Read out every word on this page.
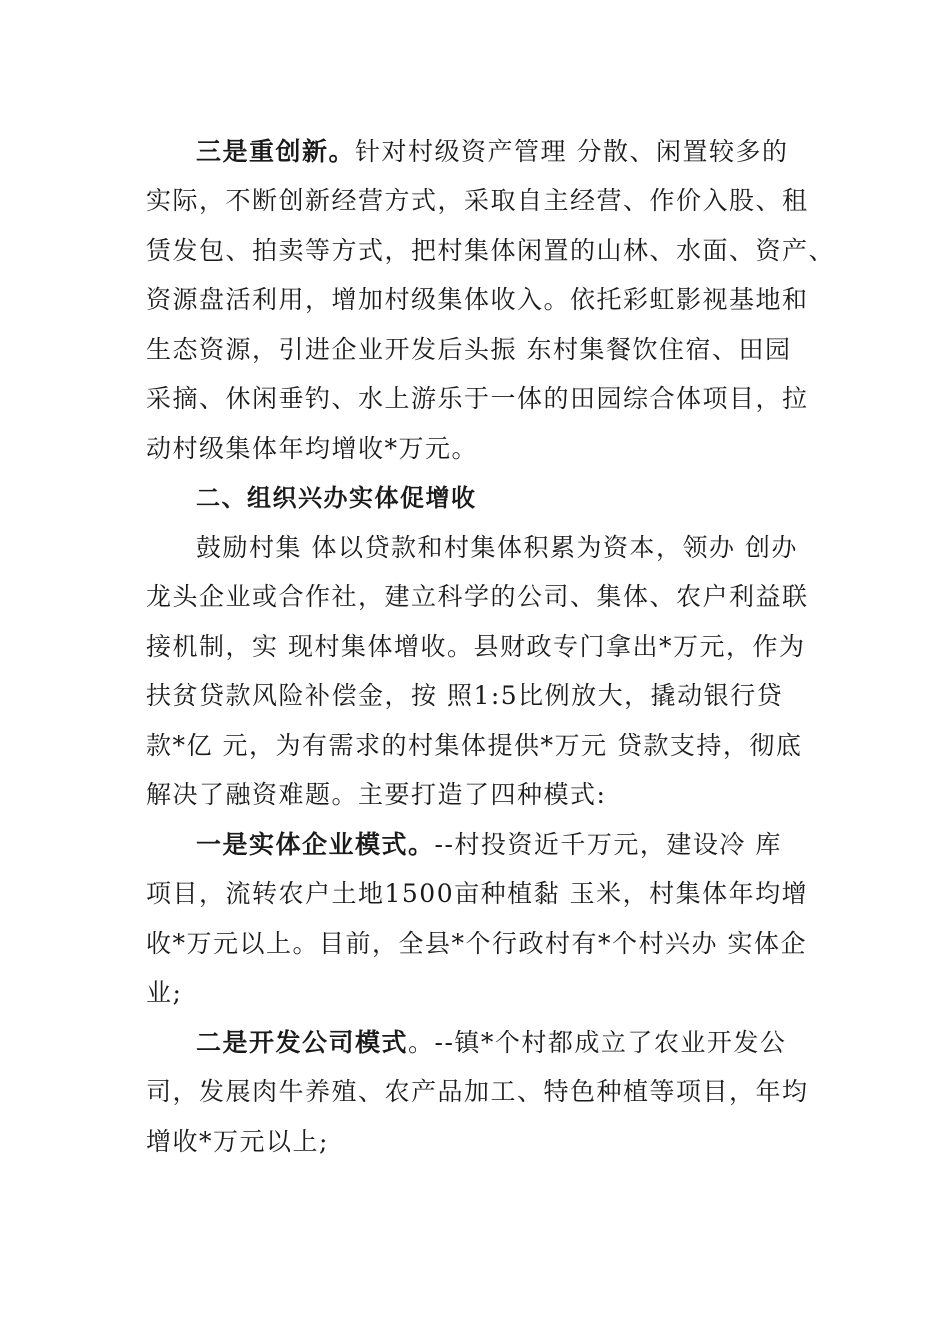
三是重创新。针对村级资产管理 分散、闲置较多的
实际，不断创新经营方式，采取自主经营、作价入股、租
赁发包、拍卖等方式，把村集体闲置的山林、水面、资产、
资源盘活利用，增加村级集体收入。依托彩虹影视基地和
生态资源，引进企业开发后头振 东村集餐饮住宿、田园
采摘、休闲垂钓、水上游乐于一体的田园综合体项目，拉
动村级集体年均增收*万元。
二、组织兴办实体促增收
鼓励村集 体以贷款和村集体积累为资本，领办 创办
龙头企业或合作社，建立科学的公司、集体、农户利益联
接机制，实 现村集体增收。县财政专门拿出*万元，作为
扶贫贷款风险补偿金，按 照1:5比例放大，撬动银行贷
款*亿 元，为有需求的村集体提供*万元 贷款支持，彻底
解决了融资难题。主要打造了四种模式:
一是实体企业模式。--村投资近千万元，建设冷 库
项目，流转农户土地1500亩种植黏 玉米，村集体年均增
收*万元以上。目前，全县*个行政村有*个村兴办 实体企
业;
二是开发公司模式。--镇*个村都成立了农业开发公
司，发展肉牛养殖、农产品加工、特色种植等项目，年均
增收*万元以上;
